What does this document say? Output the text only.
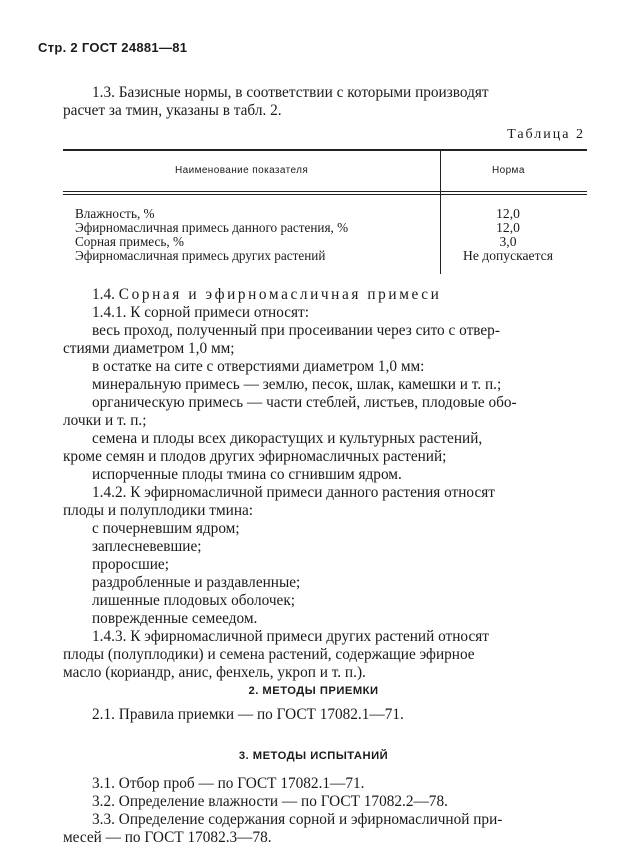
Стр. 2 ГОСТ 24881—81
1.3. Базисные нормы, в соответствии с которыми производят
расчет за тмин, указаны в табл. 2.
Таблица 2
Наименование показателя	Норма
Влажность, %	12,0
Эфирномасличная примесь данного растения, %	12,0
Сорная примесь, %	3,0
Эфирномасличная примесь других растений	Не допускается
1.4. Сорная и эфирномасличная примеси
1.4.1. К сорной примеси относят:
весь проход, полученный при просеивании через сито с отвер-
стиями диаметром 1,0 мм;
в остатке на сите с отверстиями диаметром 1,0 мм:
минеральную примесь — землю, песок, шлак, камешки и т. п.;
органическую примесь — части стеблей, листьев, плодовые обо-
лочки и т. п.;
семена и плоды всех дикорастущих и культурных растений,
кроме семян и плодов других эфирномасличных растений;
испорченные плоды тмина со сгнившим ядром.
1.4.2. К эфирномасличной примеси данного растения относят
плоды и полуплодики тмина:
с почерневшим ядром;
заплесневевшие;
проросшие;
раздробленные и раздавленные;
лишенные плодовых оболочек;
поврежденные семеедом.
1.4.3. К эфирномасличной примеси других растений относят
плоды (полуплодики) и семена растений, содержащие эфирное
масло (кориандр, анис, фенхель, укроп и т. п.).
2. МЕТОДЫ ПРИЕМКИ
2.1. Правила приемки — по ГОСТ 17082.1—71.
3. МЕТОДЫ ИСПЫТАНИЙ
3.1. Отбор проб — по ГОСТ 17082.1—71.
3.2. Определение влажности — по ГОСТ 17082.2—78.
3.3. Определение содержания сорной и эфирномасличной при-
месей — по ГОСТ 17082.3—78.
